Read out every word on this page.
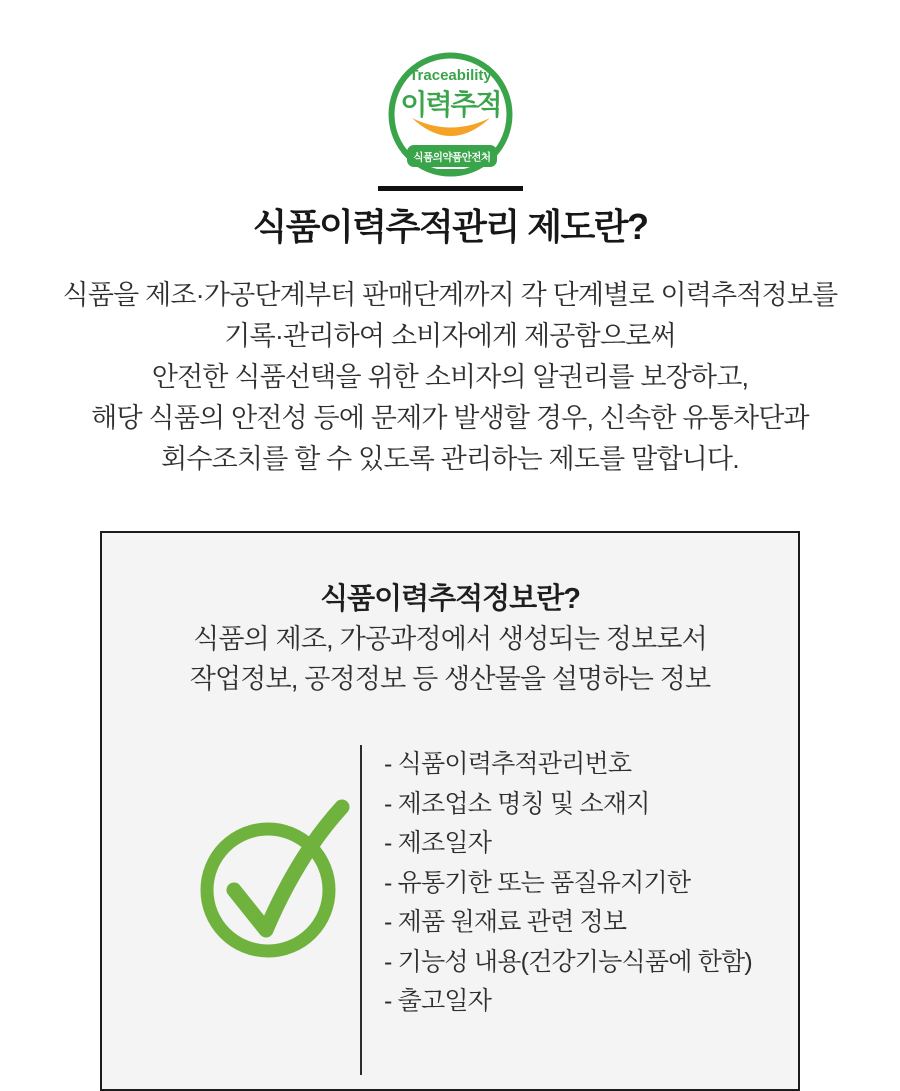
Traceability
이력추적
식품의약품안전처
식품이력추적관리 제도란?
식품을 제조·가공단계부터 판매단계까지 각 단계별로 이력추적정보를
기록·관리하여 소비자에게 제공함으로써
안전한 식품선택을 위한 소비자의 알권리를 보장하고,
해당 식품의 안전성 등에 문제가 발생할 경우, 신속한 유통차단과
회수조치를 할 수 있도록 관리하는 제도를 말합니다.
식품이력추적정보란?
식품의 제조, 가공과정에서 생성되는 정보로서
작업정보, 공정정보 등 생산물을 설명하는 정보
- 식품이력추적관리번호
- 제조업소 명칭 및 소재지
- 제조일자
- 유통기한 또는 품질유지기한
- 제품 원재료 관련 정보
- 기능성 내용(건강기능식품에 한함)
- 출고일자
